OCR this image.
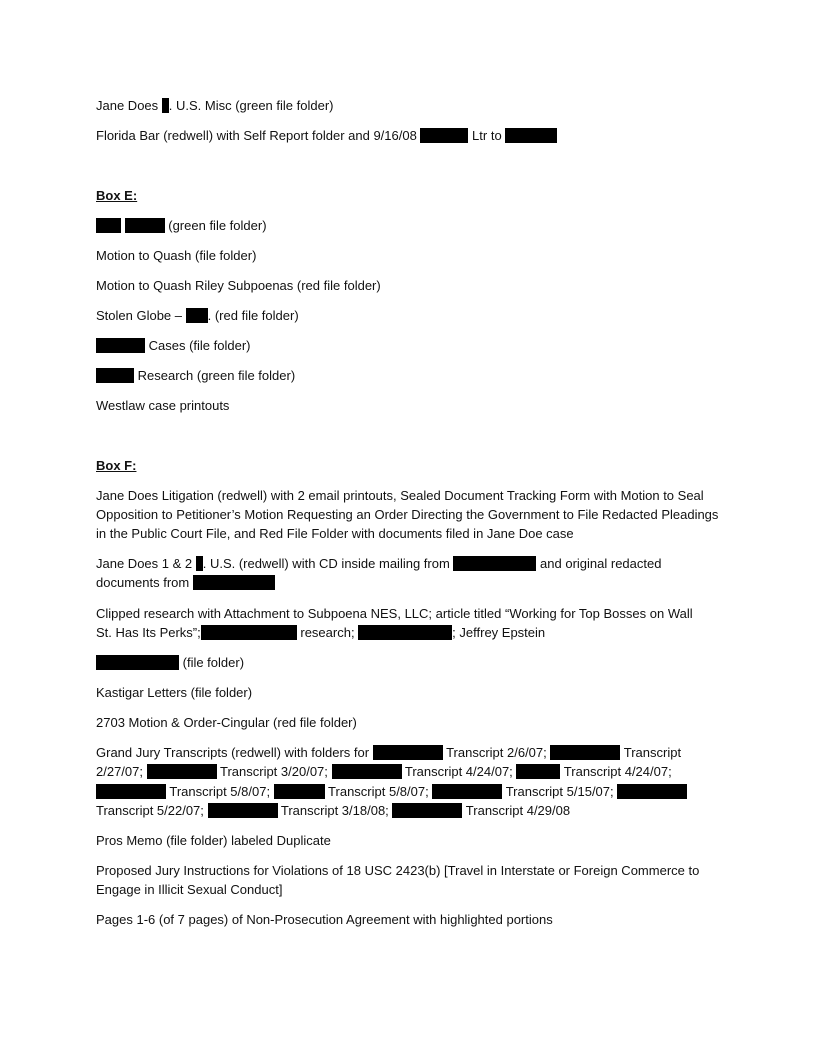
Jane Does . U.S. Misc (green file folder)
Florida Bar (redwell) with Self Report folder and 9/16/08	Ltr to
Box E:
(green file folder)
Motion to Quash (file folder)
Motion to Quash Riley Subpoenas (red file folder)
Stolen Globe – . (red file folder)
Cases (file folder)
Research (green file folder)
Westlaw case printouts
Box F:
Jane Does Litigation (redwell) with 2 email printouts, Sealed Document Tracking Form with Motion to Seal Opposition to Petitioner’s Motion Requesting an Order Directing the Government to File Redacted Pleadings in the Public Court File, and Red File Folder with documents filed in Jane Doe case
Jane Does 1 & 2 . U.S. (redwell) with CD inside mailing from	and original redacted
documents from
Clipped research with Attachment to Subpoena NES, LLC; article titled “Working for Top Bosses on Wall
St. Has Its Perks”;	research;	; Jeffrey Epstein
(file folder)
Kastigar Letters (file folder)
2703 Motion & Order-Cingular (red file folder)
Grand Jury Transcripts (redwell) with folders for	Transcript 2/6/07;	Transcript
2/27/07;	Transcript 3/20/07;	Transcript 4/24/07;	Transcript 4/24/07;
Transcript 5/8/07;	Transcript 5/8/07;	Transcript 5/15/07;
Transcript 5/22/07;	Transcript 3/18/08;	Transcript 4/29/08
Pros Memo (file folder) labeled Duplicate
Proposed Jury Instructions for Violations of 18 USC 2423(b) [Travel in Interstate or Foreign Commerce to Engage in Illicit Sexual Conduct]
Pages 1-6 (of 7 pages) of Non-Prosecution Agreement with highlighted portions
